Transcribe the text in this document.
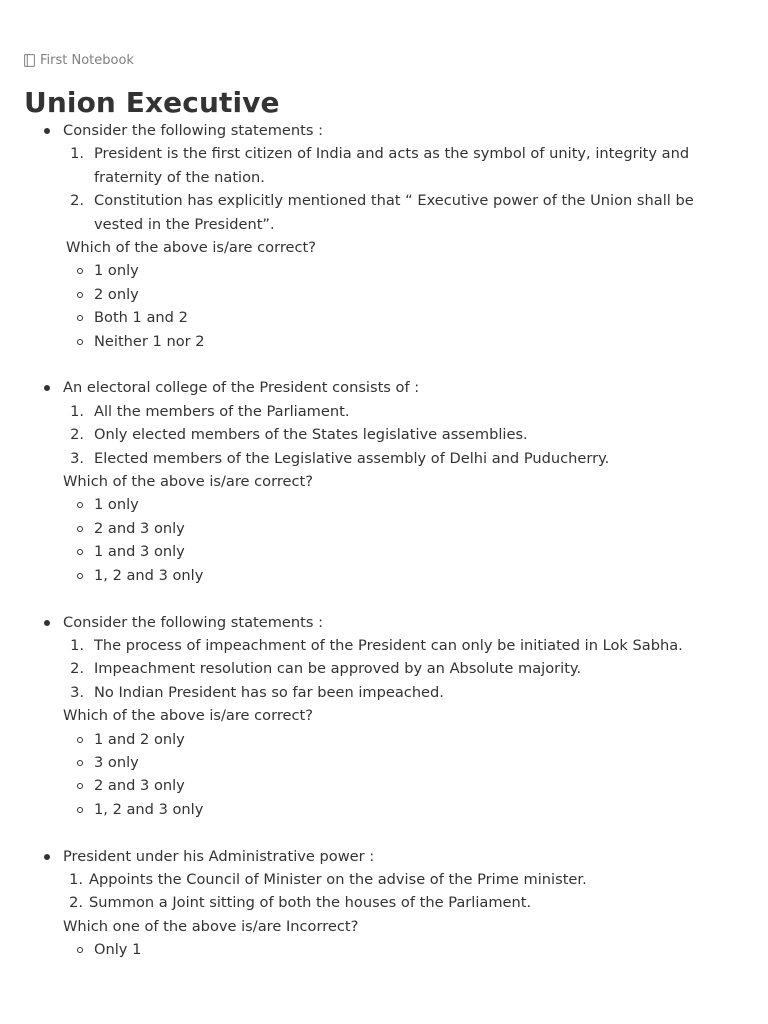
First Notebook
Union Executive
Consider the following statements :
1. President is the first citizen of India and acts as the symbol of unity, integrity and fraternity of the nation.
2. Constitution has explicitly mentioned that “ Executive power of the Union shall be vested in the President”.
Which of the above is/are correct?
1 only
2 only
Both 1 and 2
Neither 1 nor 2
An electoral college of the President consists of :
1. All the members of the Parliament.
2. Only elected members of the States legislative assemblies.
3. Elected members of the Legislative assembly of Delhi and Puducherry.
Which of the above is/are correct?
1 only
2 and 3 only
1 and 3 only
1, 2 and 3 only
Consider the following statements :
1. The process of impeachment of the President can only be initiated in Lok Sabha.
2. Impeachment resolution can be approved by an Absolute majority.
3. No Indian President has so far been impeached.
Which of the above is/are correct?
1 and 2 only
3 only
2 and 3 only
1, 2 and 3 only
President under his Administrative power :
1. Appoints the Council of Minister on the advise of the Prime minister.
2. Summon a Joint sitting of both the houses of the Parliament.
Which one of the above is/are Incorrect?
Only 1
